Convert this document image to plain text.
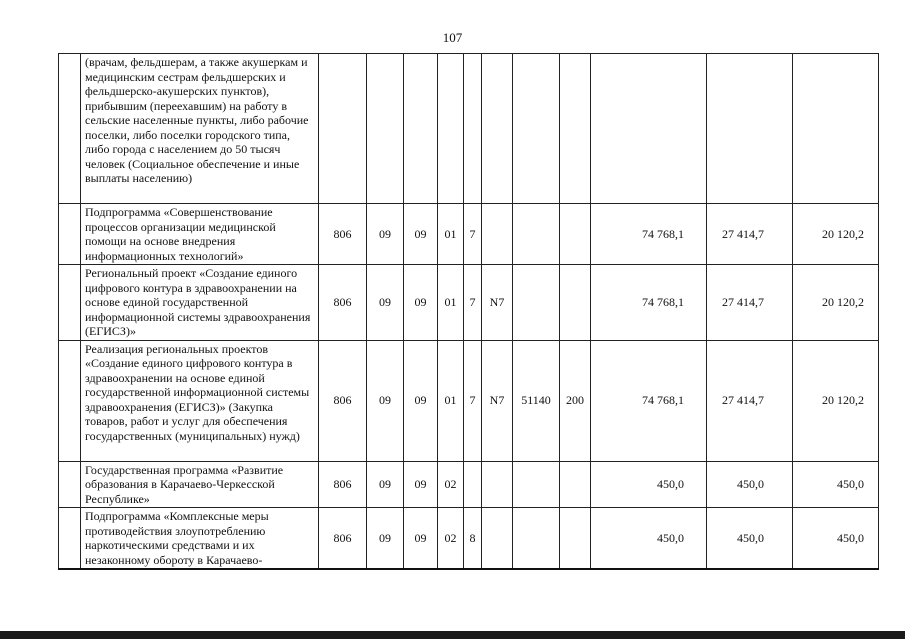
107
	(врачам, фельдшерам, а также акушеркам и медицинским сестрам фельдшерских и фельдшерско-акушерских пунктов), прибывшим (переехавшим) на работу в сельские населенные пункты, либо рабочие поселки, либо поселки городского типа, либо города с населением до 50 тысяч человек (Социальное обеспечение и иные выплаты населению)											
	Подпрограмма «Совершенствование процессов организации медицинской помощи на основе внедрения информационных технологий»	806	09	09	01	7				74 768,1	27 414,7	20 120,2
	Региональный проект «Создание единого цифрового контура в здравоохранении на основе единой государственной информационной системы здравоохранения (ЕГИСЗ)»	806	09	09	01	7	N7			74 768,1	27 414,7	20 120,2
	Реализация региональных проектов «Создание единого цифрового контура в здравоохранении на основе единой государственной информационной системы здравоохранения (ЕГИСЗ)» (Закупка товаров, работ и услуг для обеспечения государственных (муниципальных) нужд)	806	09	09	01	7	N7	51140	200	74 768,1	27 414,7	20 120,2
	Государственная программа «Развитие образования в Карачаево-Черкесской Республике»	806	09	09	02					450,0	450,0	450,0
	Подпрограмма «Комплексные меры противодействия злоупотреблению наркотическими средствами и их незаконному обороту в Карачаево-	806	09	09	02	8				450,0	450,0	450,0
